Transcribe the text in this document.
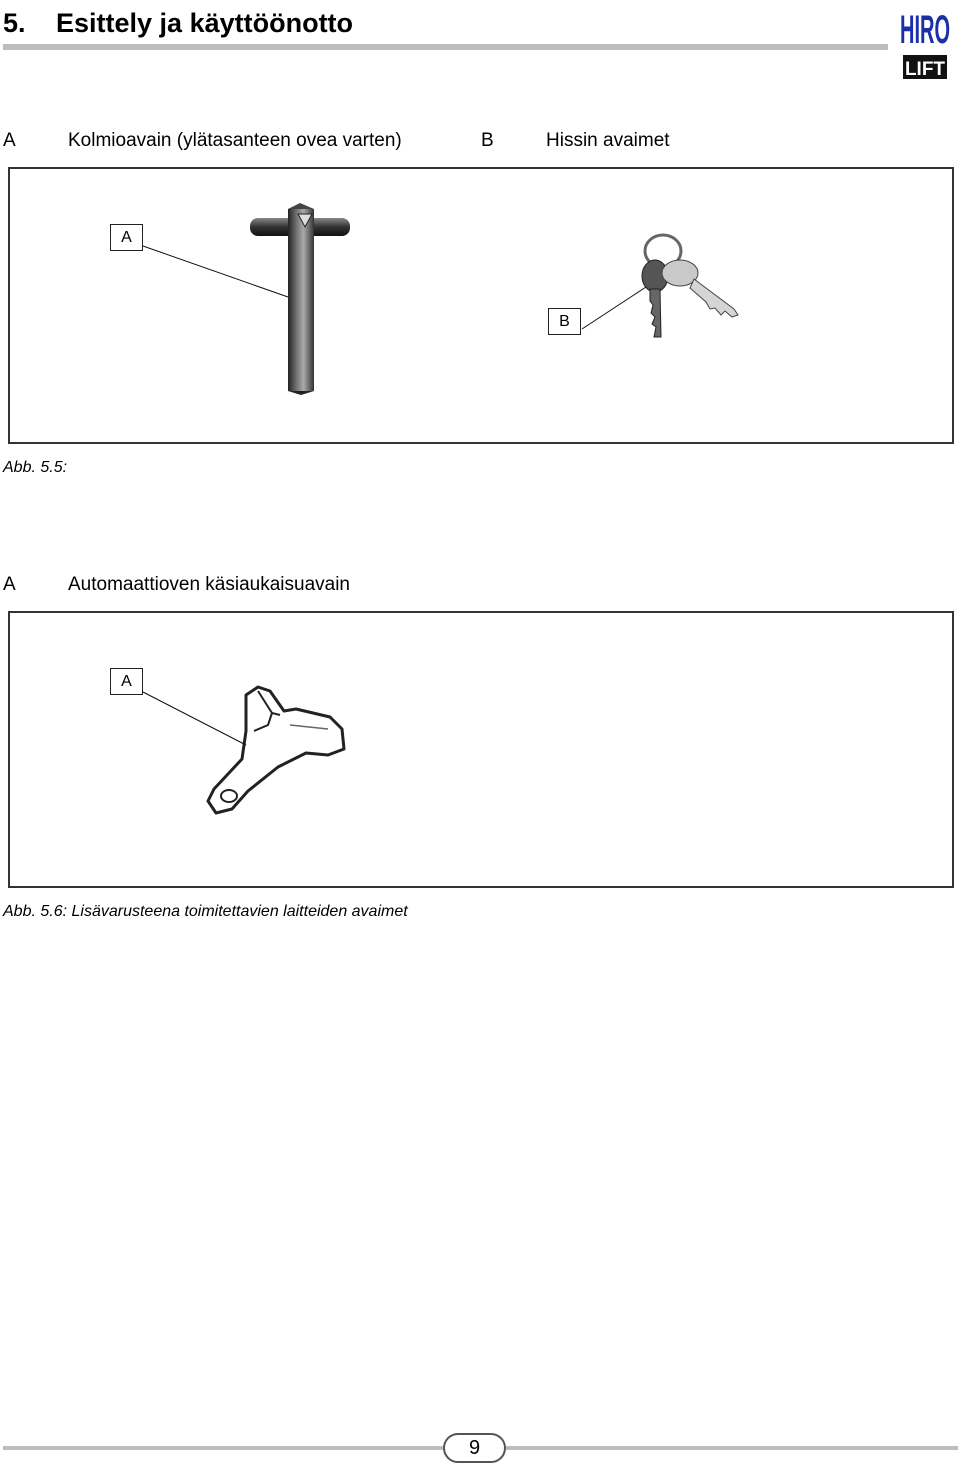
5. Esittely ja käyttöönotto	HIRO
LIFT
A	Kolmioavain (ylätasanteen ovea varten)	B	Hissin avaimet
A
B
Abb. 5.5:
A	Automaattioven käsiaukaisuavain
A
Abb. 5.6: Lisävarusteena toimitettavien laitteiden avaimet
9
